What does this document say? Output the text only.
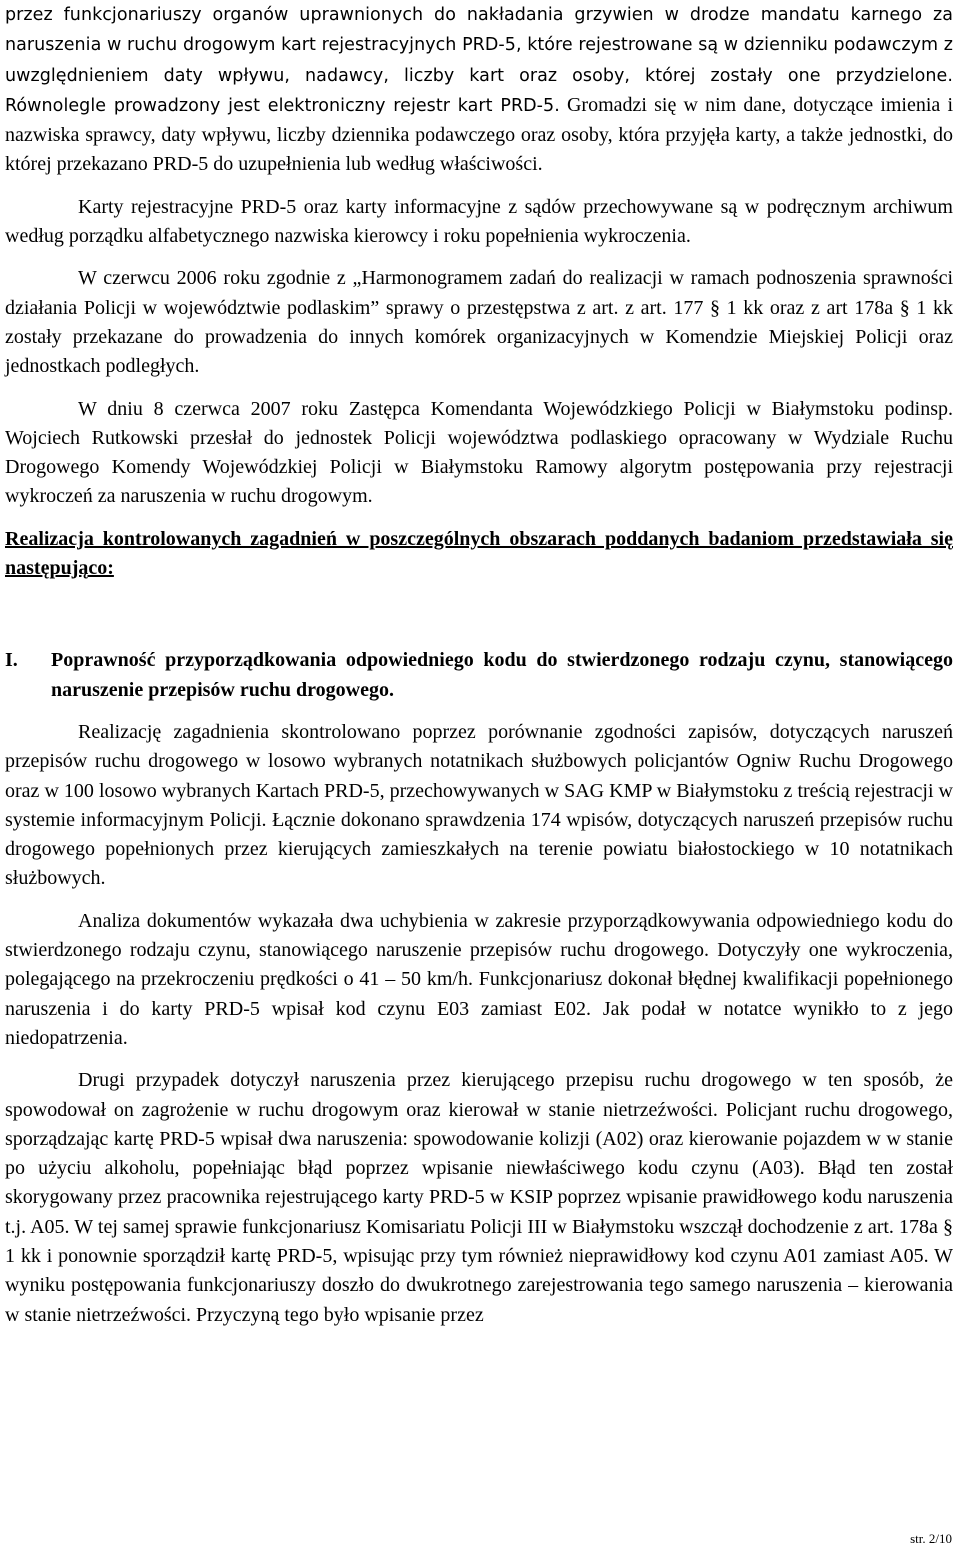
przez funkcjonariuszy organów uprawnionych do nakładania grzywien w drodze mandatu karnego za naruszenia w ruchu drogowym kart rejestracyjnych PRD-5, które rejestrowane są w dzienniku podawczym z uwzględnieniem daty wpływu, nadawcy, liczby kart oraz osoby, której zostały one przydzielone. Równolegle prowadzony jest elektroniczny rejestr kart PRD-5. Gromadzi się w nim dane, dotyczące imienia i nazwiska sprawcy, daty wpływu, liczby dziennika podawczego oraz osoby, która przyjęła karty, a także jednostki, do której przekazano PRD-5 do uzupełnienia lub według właściwości.

Karty rejestracyjne PRD-5 oraz karty informacyjne z sądów przechowywane są w podręcznym archiwum według porządku alfabetycznego nazwiska kierowcy i roku popełnienia wykroczenia.

W czerwcu 2006 roku zgodnie z „Harmonogramem zadań do realizacji w ramach podnoszenia sprawności działania Policji w województwie podlaskim” sprawy o przestępstwa z art. z art. 177 § 1 kk oraz z art 178a § 1 kk zostały przekazane do prowadzenia do innych komórek organizacyjnych w Komendzie Miejskiej Policji oraz jednostkach podległych.

W dniu 8 czerwca 2007 roku Zastępca Komendanta Wojewódzkiego Policji w Białymstoku podinsp. Wojciech Rutkowski przesłał do jednostek Policji województwa podlaskiego opracowany w Wydziale Ruchu Drogowego Komendy Wojewódzkiej Policji w Białymstoku Ramowy algorytm postępowania przy rejestracji wykroczeń za naruszenia w ruchu drogowym.

Realizacja kontrolowanych zagadnień w poszczególnych obszarach poddanych badaniom przedstawiała się następująco:

I.	Poprawność przyporządkowania odpowiedniego kodu do stwierdzonego rodzaju czynu, stanowiącego naruszenie przepisów ruchu drogowego.

Realizację zagadnienia skontrolowano poprzez porównanie zgodności zapisów, dotyczących naruszeń przepisów ruchu drogowego w losowo wybranych notatnikach służbowych policjantów Ogniw Ruchu Drogowego oraz w 100 losowo wybranych Kartach PRD-5, przechowywanych w SAG KMP w Białymstoku z treścią rejestracji w systemie informacyjnym Policji. Łącznie dokonano sprawdzenia 174 wpisów, dotyczących naruszeń przepisów ruchu drogowego popełnionych przez kierujących zamieszkałych na terenie powiatu białostockiego w 10 notatnikach służbowych.

Analiza dokumentów wykazała dwa uchybienia w zakresie przyporządkowywania odpowiedniego kodu do stwierdzonego rodzaju czynu, stanowiącego naruszenie przepisów ruchu drogowego. Dotyczyły one wykroczenia, polegającego na przekroczeniu prędkości o 41 – 50 km/h. Funkcjonariusz dokonał błędnej kwalifikacji popełnionego naruszenia i do karty PRD-5 wpisał kod czynu E03 zamiast E02. Jak podał w notatce wynikło to z jego niedopatrzenia.

Drugi przypadek dotyczył naruszenia przez kierującego przepisu ruchu drogowego w ten sposób, że spowodował on zagrożenie w ruchu drogowym oraz kierował w stanie nietrzeźwości. Policjant ruchu drogowego, sporządzając kartę PRD-5 wpisał dwa naruszenia: spowodowanie kolizji (A02) oraz kierowanie pojazdem w w stanie po użyciu alkoholu, popełniając błąd poprzez wpisanie niewłaściwego kodu czynu (A03). Błąd ten został skorygowany przez pracownika rejestrującego karty PRD-5 w KSIP poprzez wpisanie prawidłowego kodu naruszenia t.j. A05. W tej samej sprawie funkcjonariusz Komisariatu Policji III w Białymstoku wszczął dochodzenie z art. 178a § 1 kk i ponownie sporządził kartę PRD-5, wpisując przy tym również nieprawidłowy kod czynu A01 zamiast A05. W wyniku postępowania funkcjonariuszy doszło do dwukrotnego zarejestrowania tego samego naruszenia – kierowania w stanie nietrzeźwości. Przyczyną tego było wpisanie przez

str. 2/10
